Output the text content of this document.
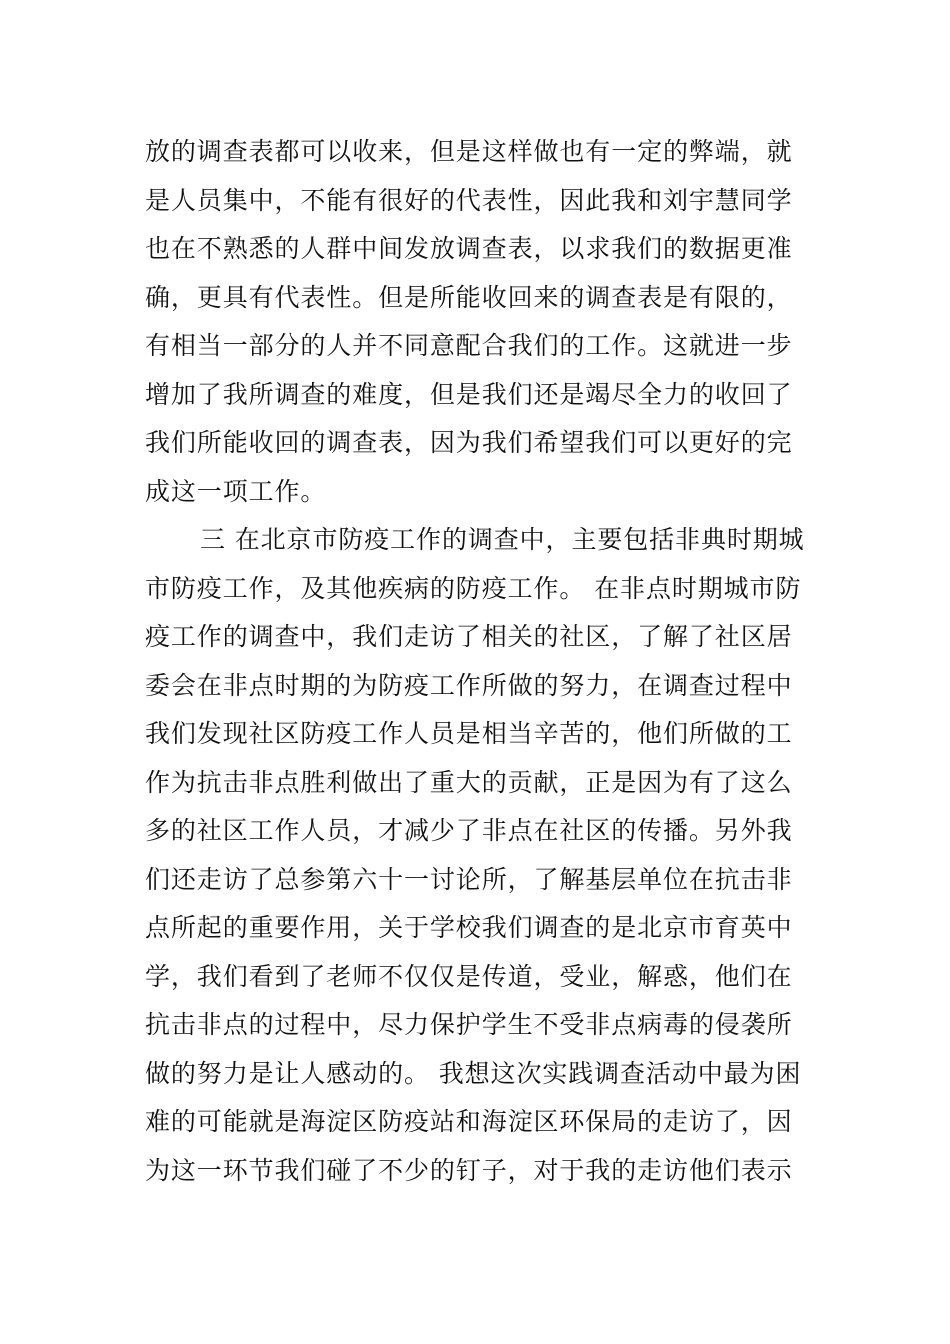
放的调查表都可以收来，但是这样做也有一定的弊端，就
是人员集中，不能有很好的代表性，因此我和刘宇慧同学
也在不熟悉的人群中间发放调查表，以求我们的数据更准
确，更具有代表性。但是所能收回来的调查表是有限的，
有相当一部分的人并不同意配合我们的工作。这就进一步
增加了我所调查的难度，但是我们还是竭尽全力的收回了
我们所能收回的调查表，因为我们希望我们可以更好的完
成这一项工作。
三 在北京市防疫工作的调查中，主要包括非典时期城
市防疫工作，及其他疾病的防疫工作。 在非点时期城市防
疫工作的调查中，我们走访了相关的社区，了解了社区居
委会在非点时期的为防疫工作所做的努力，在调查过程中
我们发现社区防疫工作人员是相当辛苦的，他们所做的工
作为抗击非点胜利做出了重大的贡献，正是因为有了这么
多的社区工作人员，才减少了非点在社区的传播。另外我
们还走访了总参第六十一讨论所，了解基层单位在抗击非
点所起的重要作用，关于学校我们调查的是北京市育英中
学，我们看到了老师不仅仅是传道，受业，解惑，他们在
抗击非点的过程中，尽力保护学生不受非点病毒的侵袭所
做的努力是让人感动的。 我想这次实践调查活动中最为困
难的可能就是海淀区防疫站和海淀区环保局的走访了，因
为这一环节我们碰了不少的钉子，对于我的走访他们表示
